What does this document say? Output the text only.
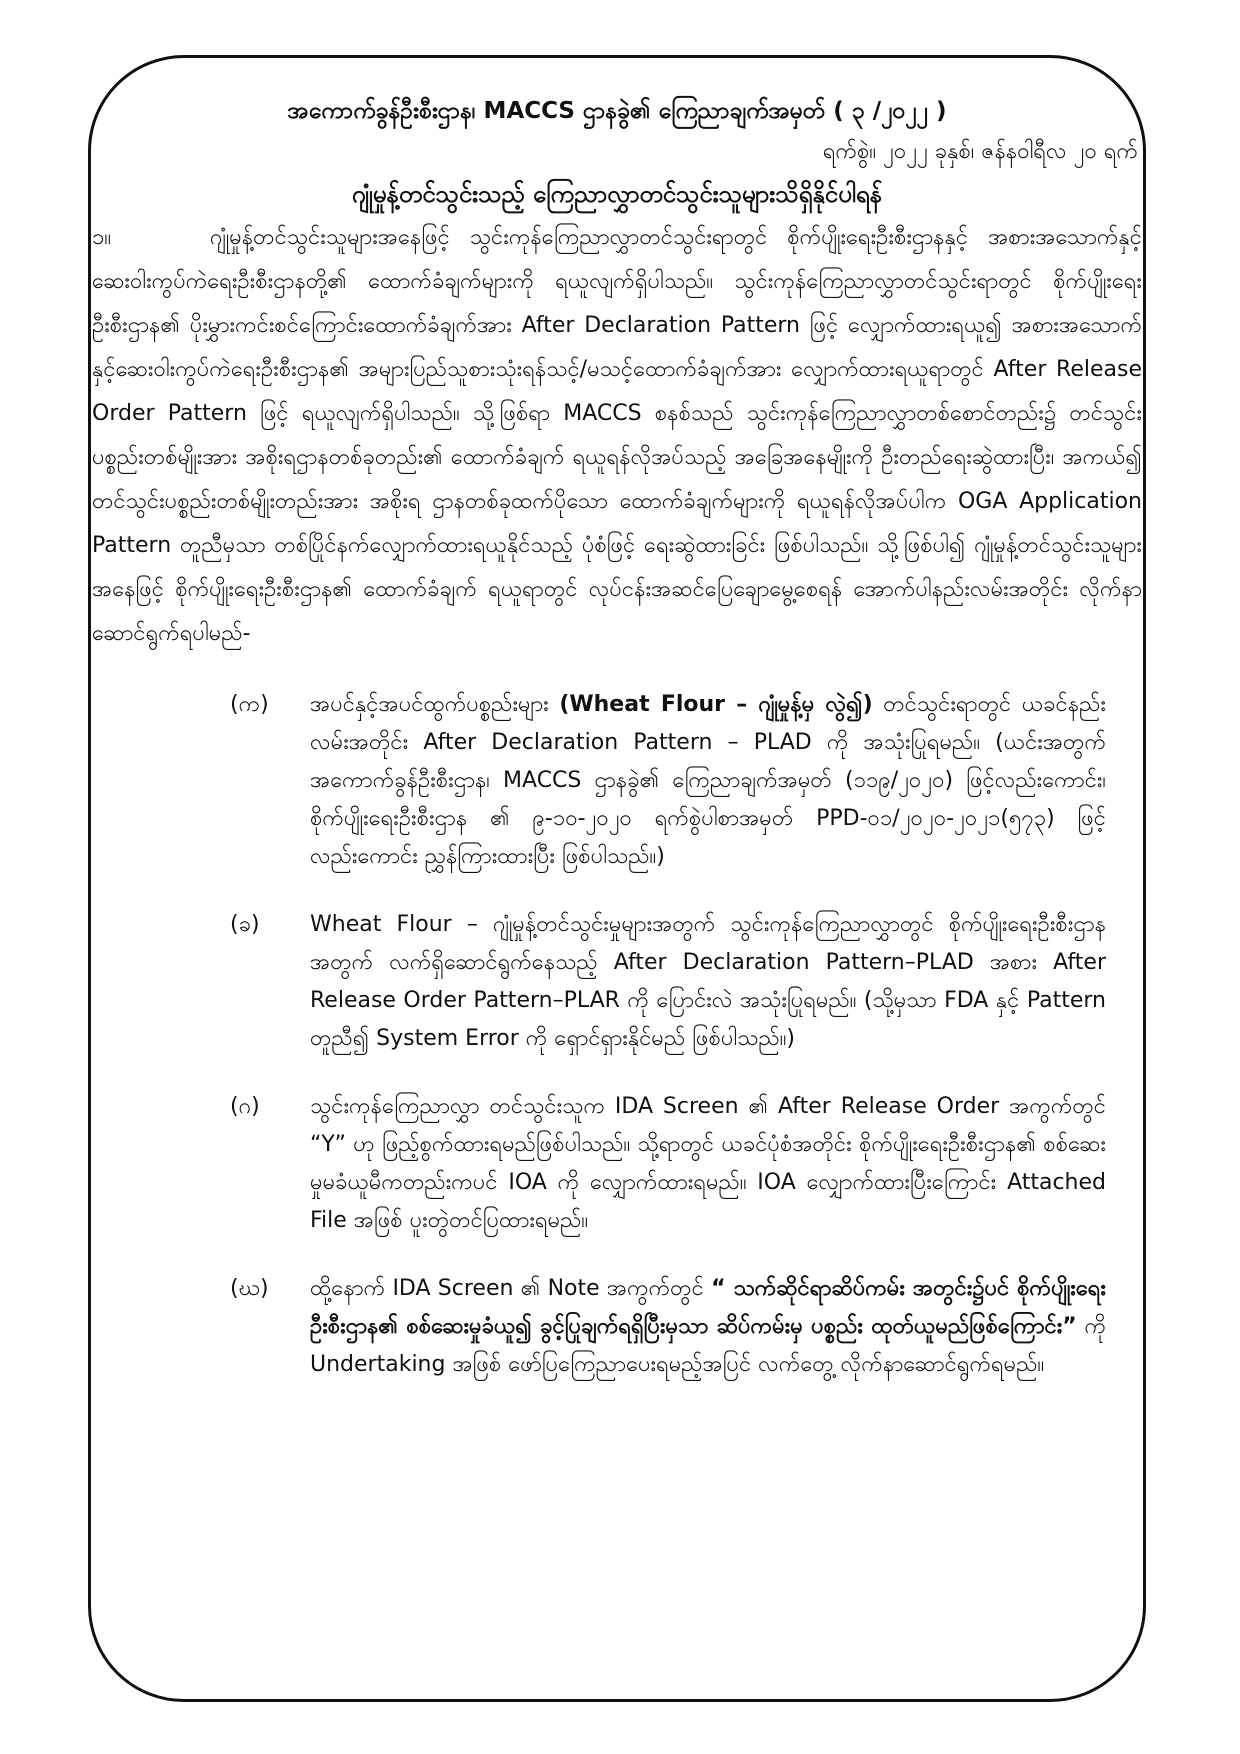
အကောက်ခွန်ဦးစီးဌာန၊ MACCS ဌာနခွဲ၏ ကြေညာချက်အမှတ် ( ၃ /၂၀၂၂ )
ရက်စွဲ။ ၂၀၂၂ ခုနှစ်၊ ဇန်နဝါရီလ ၂၀ ရက်
ဂျုံမှုန့်တင်သွင်းသည့် ကြေညာလွှာတင်သွင်းသူများသိရှိနိုင်ပါရန်
၁။	ဂျုံမှုန့်တင်သွင်းသူများအနေဖြင့် သွင်းကုန်ကြေညာလွှာတင်သွင်းရာတွင် စိုက်ပျိုးရေးဦးစီးဌာနနှင့် အစားအသောက်နှင့်ဆေးဝါးကွပ်ကဲရေးဦးစီးဌာနတို့၏ ထောက်ခံချက်များကို ရယူလျက်ရှိပါသည်။ သွင်းကုန်ကြေညာလွှာတင်သွင်းရာတွင် စိုက်ပျိုးရေးဦးစီးဌာန၏ ပိုးမွှားကင်းစင်ကြောင်းထောက်ခံချက်အား After Declaration Pattern ဖြင့် လျှောက်ထားရယူ၍ အစားအသောက်နှင့်ဆေးဝါးကွပ်ကဲရေးဦးစီးဌာန၏ အများပြည်သူစားသုံးရန်သင့်/မသင့်ထောက်ခံချက်အား လျှောက်ထားရယူရာတွင် After Release Order Pattern ဖြင့် ရယူလျက်ရှိပါသည်။ သို့ဖြစ်ရာ MACCS စနစ်သည် သွင်းကုန်ကြေညာလွှာတစ်စောင်တည်း၌ တင်သွင်းပစ္စည်းတစ်မျိုးအား အစိုးရဌာနတစ်ခုတည်း၏ ထောက်ခံချက် ရယူရန်လိုအပ်သည့် အခြေအနေမျိုးကို ဦးတည်ရေးဆွဲထားပြီး၊ အကယ်၍ တင်သွင်းပစ္စည်းတစ်မျိုးတည်းအား အစိုးရ ဌာနတစ်ခုထက်ပိုသော ထောက်ခံချက်များကို ရယူရန်လိုအပ်ပါက OGA Application Pattern တူညီမှသာ တစ်ပြိုင်နက်လျှောက်ထားရယူနိုင်သည့် ပုံစံဖြင့် ရေးဆွဲထားခြင်း ဖြစ်ပါသည်။ သို့ဖြစ်ပါ၍ ဂျုံမှုန့်တင်သွင်းသူများအနေဖြင့် စိုက်ပျိုးရေးဦးစီးဌာန၏ ထောက်ခံချက် ရယူရာတွင် လုပ်ငန်းအဆင်ပြေချောမွေ့စေရန် အောက်ပါနည်းလမ်းအတိုင်း လိုက်နာဆောင်ရွက်ရပါမည်-
(က) အပင်နှင့်အပင်ထွက်ပစ္စည်းများ (Wheat Flour – ဂျုံမှုန့်မှ လွဲ၍) တင်သွင်းရာတွင် ယခင်နည်းလမ်းအတိုင်း After Declaration Pattern – PLAD ကို အသုံးပြုရမည်။ (ယင်းအတွက်အကောက်ခွန်ဦးစီးဌာန၊ MACCS ဌာနခွဲ၏ ကြေညာချက်အမှတ် (၁၁၉/၂၀၂၀) ဖြင့်လည်းကောင်း၊ စိုက်ပျိုးရေးဦးစီးဌာန ၏ ၉-၁၀-၂၀၂၀ ရက်စွဲပါစာအမှတ် PPD-၀၁/၂၀၂၀-၂၀၂၁(၅၇၃) ဖြင့်လည်းကောင်း ညွှန်ကြားထားပြီး ဖြစ်ပါသည်။)
(ခ) Wheat Flour – ဂျုံမှုန့်တင်သွင်းမှုများအတွက် သွင်းကုန်ကြေညာလွှာတွင် စိုက်ပျိုးရေးဦးစီးဌာနအတွက် လက်ရှိဆောင်ရွက်နေသည့် After Declaration Pattern–PLAD အစား After Release Order Pattern–PLAR ကို ပြောင်းလဲ အသုံးပြုရမည်။ (သို့မှသာ FDA နှင့် Pattern တူညီ၍ System Error ကို ရှောင်ရှားနိုင်မည် ဖြစ်ပါသည်။)
(ဂ) သွင်းကုန်ကြေညာလွှာ တင်သွင်းသူက IDA Screen ၏ After Release Order အကွက်တွင် “Y” ဟု ဖြည့်စွက်ထားရမည်ဖြစ်ပါသည်။ သို့ရာတွင် ယခင်ပုံစံအတိုင်း စိုက်ပျိုးရေးဦးစီးဌာန၏ စစ်ဆေးမှုမခံယူမီကတည်းကပင် IOA ကို လျှောက်ထားရမည်။ IOA လျှောက်ထားပြီးကြောင်း Attached File အဖြစ် ပူးတွဲတင်ပြထားရမည်။
(ဃ) ထို့နောက် IDA Screen ၏ Note အကွက်တွင် “ သက်ဆိုင်ရာဆိပ်ကမ်း အတွင်း၌ပင် စိုက်ပျိုးရေးဦးစီးဌာန၏ စစ်ဆေးမှုခံယူ၍ ခွင့်ပြုချက်ရရှိပြီးမှသာ ဆိပ်ကမ်းမှ ပစ္စည်း ထုတ်ယူမည်ဖြစ်ကြောင်း” ကို Undertaking အဖြစ် ဖော်ပြကြေညာပေးရမည့်အပြင် လက်တွေ့ လိုက်နာဆောင်ရွက်ရမည်။
